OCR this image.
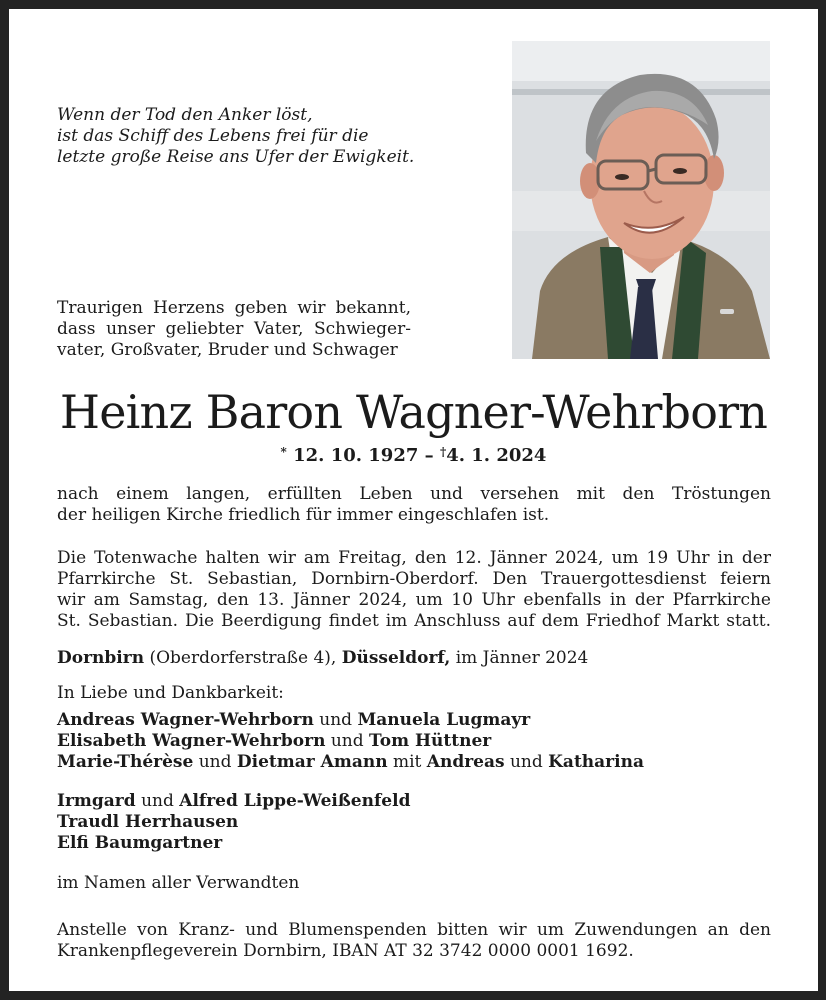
Wenn der Tod den Anker löst,
ist das Schiff des Lebens frei für die
letzte große Reise ans Ufer der Ewigkeit.
Traurigen Herzens geben wir bekannt,
dass unser geliebter Vater, Schwieger-
vater, Großvater, Bruder und Schwager
Heinz Baron Wagner-Wehrborn
* 12. 10. 1927 – †4. 1. 2024
nach einem langen, erfüllten Leben und versehen mit den Tröstungen
der heiligen Kirche friedlich für immer eingeschlafen ist.
Die Totenwache halten wir am Freitag, den 12. Jänner 2024, um 19 Uhr in der
Pfarrkirche St. Sebastian, Dornbirn-Oberdorf. Den Trauergottesdienst feiern
wir am Samstag, den 13. Jänner 2024, um 10 Uhr ebenfalls in der Pfarrkirche
St. Sebastian. Die Beerdigung findet im Anschluss auf dem Friedhof Markt statt.
Dornbirn (Oberdorferstraße 4), Düsseldorf, im Jänner 2024
In Liebe und Dankbarkeit:
Andreas Wagner-Wehrborn und Manuela Lugmayr
Elisabeth Wagner-Wehrborn und Tom Hüttner
Marie-Thérèse und Dietmar Amann mit Andreas und Katharina
Irmgard und Alfred Lippe-Weißenfeld
Traudl Herrhausen
Elfi Baumgartner
im Namen aller Verwandten
Anstelle von Kranz- und Blumenspenden bitten wir um Zuwendungen an den
Krankenpflegeverein Dornbirn, IBAN AT 32 3742 0000 0001 1692.
